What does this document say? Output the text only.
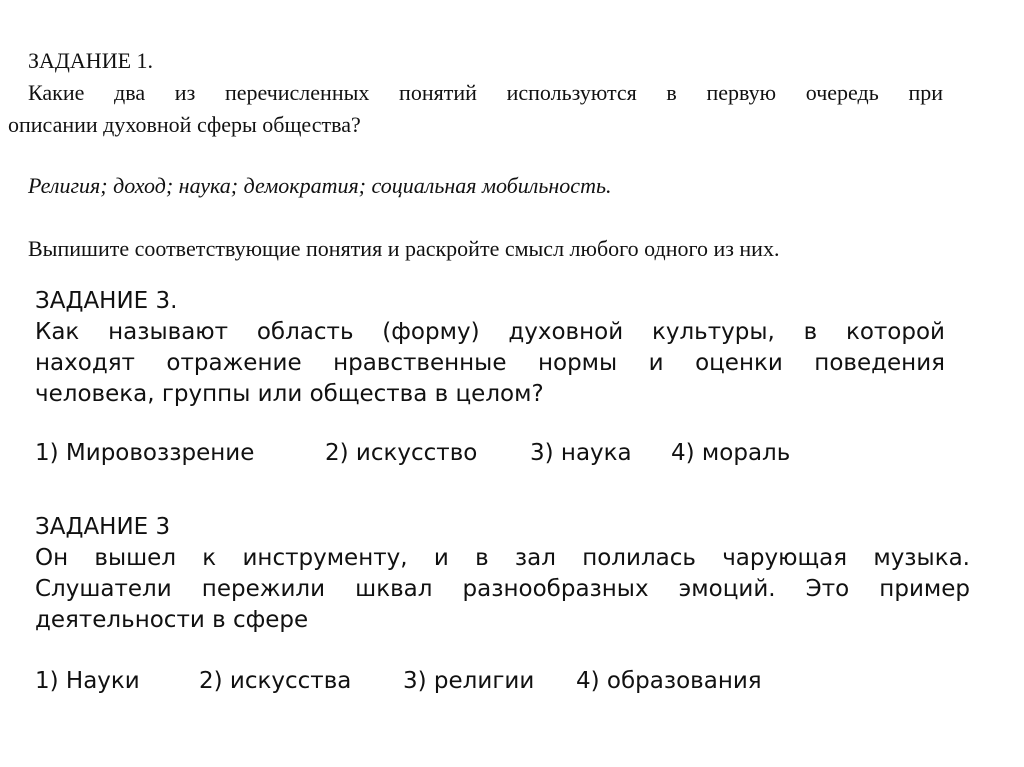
ЗАДАНИЕ 1.
Какие два из перечисленных понятий используются в первую очередь при
описании духовной сферы общества?
Религия; доход; наука; демократия; социальная мобильность.
Выпишите соответствующие понятия и раскройте смысл любого одного из них.
ЗАДАНИЕ 3.
Как называют область (форму) духовной культуры, в которой
находят отражение нравственные нормы и оценки поведения
человека, группы или общества в целом?
1) Мировоззрение	2) искусство 3) наука 4) мораль
ЗАДАНИЕ 3
Он вышел к инструменту, и в зал полилась чарующая музыка.
Слушатели пережили шквал разнообразных эмоций. Это пример
деятельности в сфере
1) Науки	2) искусства 3) религии 4) образования
